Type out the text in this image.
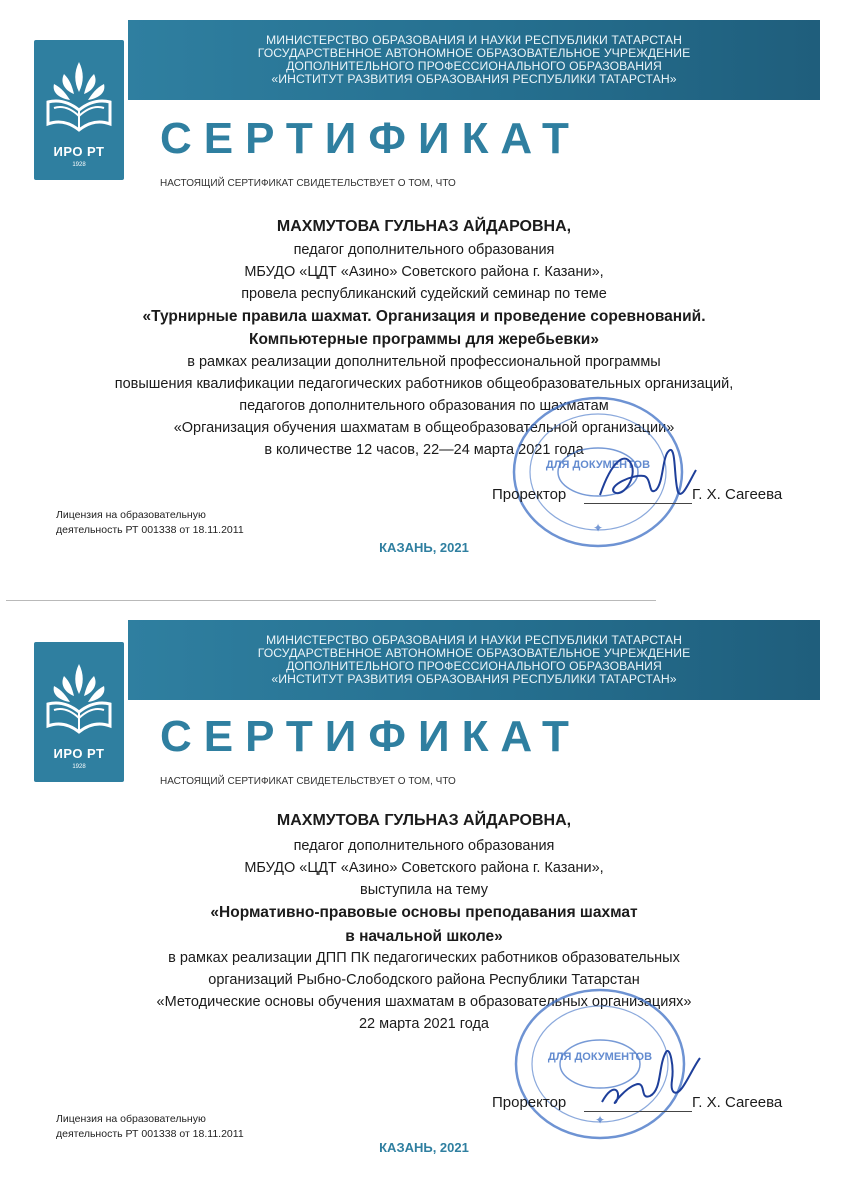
ИРО РТ
1928
МИНИСТЕРСТВО ОБРАЗОВАНИЯ И НАУКИ РЕСПУБЛИКИ ТАТАРСТАН
ГОСУДАРСТВЕННОЕ АВТОНОМНОЕ ОБРАЗОВАТЕЛЬНОЕ УЧРЕЖДЕНИЕ
ДОПОЛНИТЕЛЬНОГО ПРОФЕССИОНАЛЬНОГО ОБРАЗОВАНИЯ
«ИНСТИТУТ РАЗВИТИЯ ОБРАЗОВАНИЯ РЕСПУБЛИКИ ТАТАРСТАН»
СЕРТИФИКАТ
НАСТОЯЩИЙ СЕРТИФИКАТ СВИДЕТЕЛЬСТВУЕТ О ТОМ, ЧТО
МАХМУТОВА ГУЛЬНАЗ АЙДАРОВНА,
педагог дополнительного образования
МБУДО «ЦДТ «Азино» Советского района г. Казани»,
провела республиканский судейский семинар по теме
«Турнирные правила шахмат. Организация и проведение соревнований.
Компьютерные программы для жеребьевки»
в рамках реализации дополнительной профессиональной программы
повышения квалификации педагогических работников общеобразовательных организаций,
педагогов дополнительного образования по шахматам
«Организация обучения шахматам в общеобразовательной организации»
в количестве 12 часов, 22—24 марта 2021 года
ДЛЯ ДОКУМЕНТОВ
✦
Проректор	Г. Х. Сагеева
Лицензия на образовательную
деятельность РТ 001338 от 18.11.2011
КАЗАНЬ, 2021
ИРО РТ
1928
МИНИСТЕРСТВО ОБРАЗОВАНИЯ И НАУКИ РЕСПУБЛИКИ ТАТАРСТАН
ГОСУДАРСТВЕННОЕ АВТОНОМНОЕ ОБРАЗОВАТЕЛЬНОЕ УЧРЕЖДЕНИЕ
ДОПОЛНИТЕЛЬНОГО ПРОФЕССИОНАЛЬНОГО ОБРАЗОВАНИЯ
«ИНСТИТУТ РАЗВИТИЯ ОБРАЗОВАНИЯ РЕСПУБЛИКИ ТАТАРСТАН»
СЕРТИФИКАТ
НАСТОЯЩИЙ СЕРТИФИКАТ СВИДЕТЕЛЬСТВУЕТ О ТОМ, ЧТО
МАХМУТОВА ГУЛЬНАЗ АЙДАРОВНА,
педагог дополнительного образования
МБУДО «ЦДТ «Азино» Советского района г. Казани»,
выступила на тему
«Нормативно-правовые основы преподавания шахмат
в начальной школе»
в рамках реализации ДПП ПК педагогических работников образовательных
организаций Рыбно-Слободского района Республики Татарстан
«Методические основы обучения шахматам в образовательных организациях»
22 марта 2021 года
ДЛЯ ДОКУМЕНТОВ
✦
Проректор	Г. Х. Сагеева
Лицензия на образовательную
деятельность РТ 001338 от 18.11.2011
КАЗАНЬ, 2021
